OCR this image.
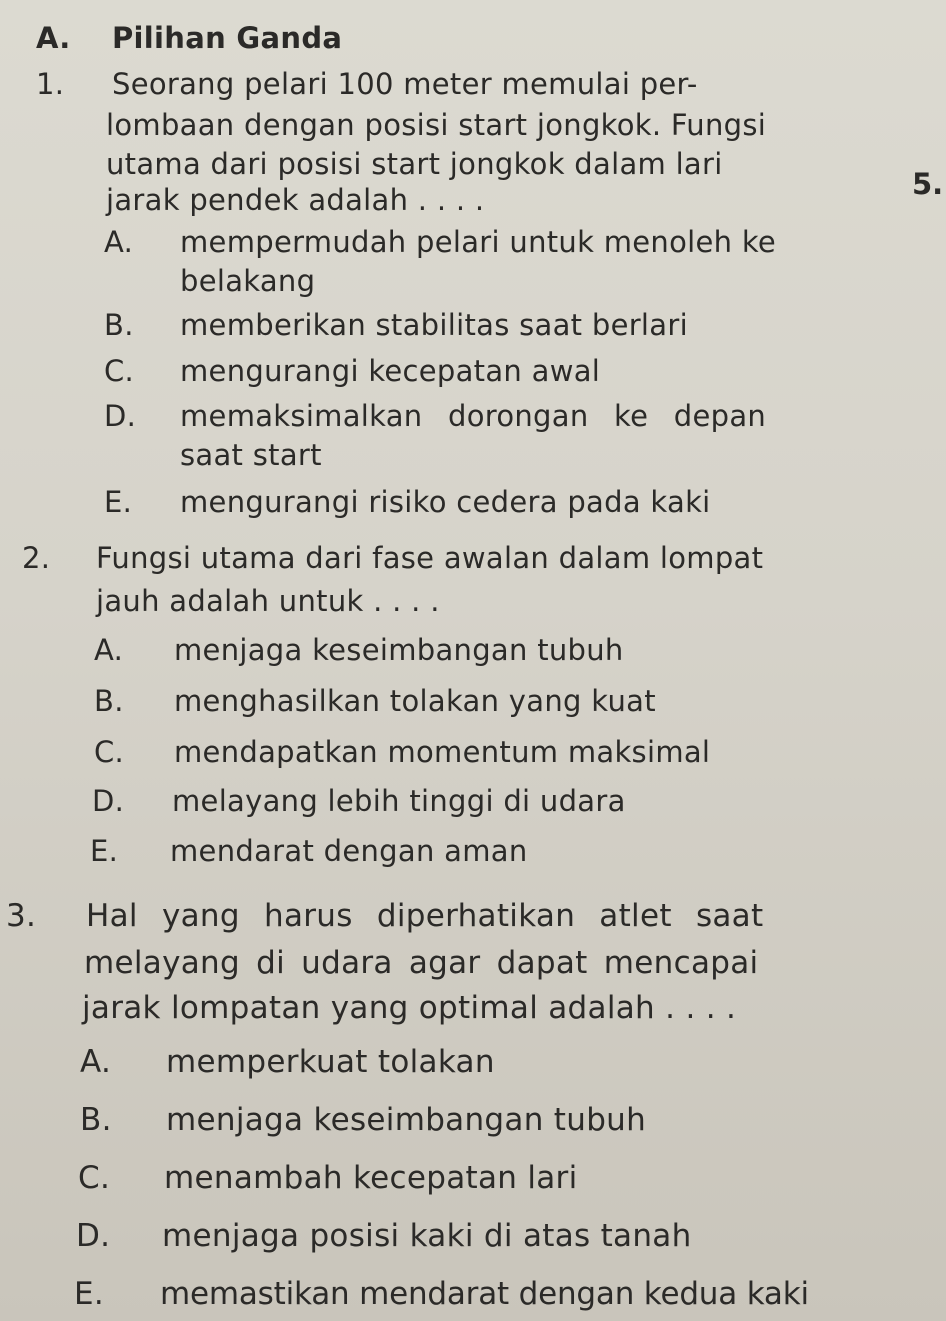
A. Pilihan Ganda
5.
1. Seorang pelari 100 meter memulai per-
lombaan dengan posisi start jongkok. Fungsi
utama dari posisi start jongkok dalam lari
jarak pendek adalah . . . .
A. mempermudah pelari untuk menoleh ke
belakang
B. memberikan stabilitas saat berlari
C. mengurangi kecepatan awal
D. memaksimalkan dorongan ke depan
saat start
E. mengurangi risiko cedera pada kaki
2. Fungsi utama dari fase awalan dalam lompat
jauh adalah untuk . . . .
A. menjaga keseimbangan tubuh
B. menghasilkan tolakan yang kuat
C. mendapatkan momentum maksimal
D. melayang lebih tinggi di udara
E. mendarat dengan aman
3. Hal yang harus diperhatikan atlet saat
melayang di udara agar dapat mencapai
jarak lompatan yang optimal adalah . . . .
A. memperkuat tolakan
B. menjaga keseimbangan tubuh
C. menambah kecepatan lari
D. menjaga posisi kaki di atas tanah
E. memastikan mendarat dengan kedua kaki
